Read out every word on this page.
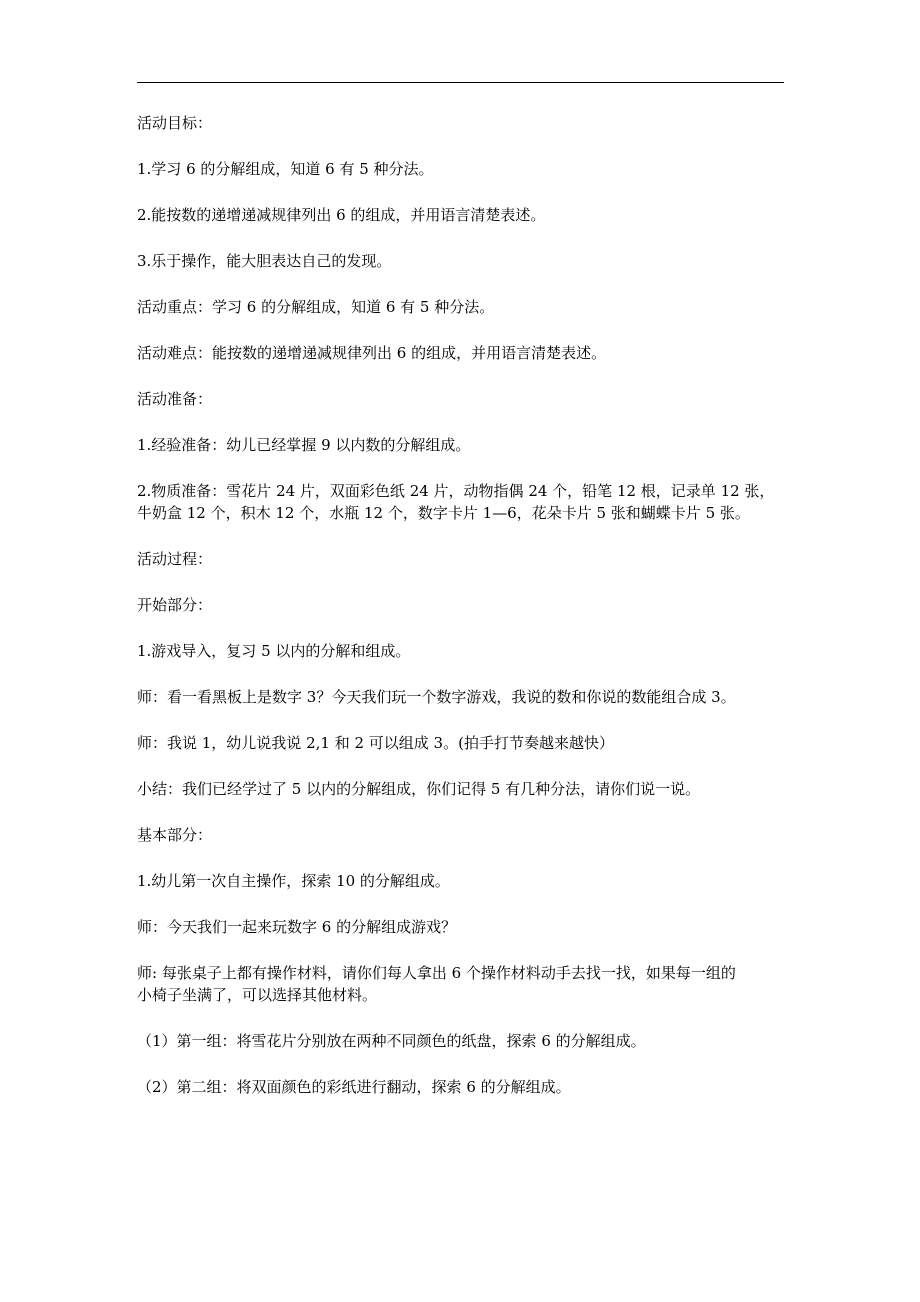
活动目标：

1.学习 6 的分解组成，知道 6 有 5 种分法。

2.能按数的递增递减规律列出 6 的组成，并用语言清楚表述。

3.乐于操作，能大胆表达自己的发现。

活动重点：学习 6 的分解组成，知道 6 有 5 种分法。

活动难点：能按数的递增递减规律列出 6 的组成，并用语言清楚表述。

活动准备：

1.经验准备：幼儿已经掌握 9 以内数的分解组成。

2.物质准备：雪花片 24 片，双面彩色纸 24 片，动物指偶 24 个，铅笔 12 根，记录单 12 张，
牛奶盒 12 个，积木 12 个，水瓶 12 个，数字卡片 1—6，花朵卡片 5 张和蝴蝶卡片 5 张。

活动过程：

开始部分：

1.游戏导入，复习 5 以内的分解和组成。

师：看一看黑板上是数字 3？今天我们玩一个数字游戏，我说的数和你说的数能组合成 3。

师：我说 1，幼儿说我说 2,1 和 2 可以组成 3。(拍手打节奏越来越快）

小结：我们已经学过了 5 以内的分解组成，你们记得 5 有几种分法，请你们说一说。

基本部分：

1.幼儿第一次自主操作，探索 10 的分解组成。

师：今天我们一起来玩数字 6 的分解组成游戏？

师: 每张桌子上都有操作材料，请你们每人拿出 6 个操作材料动手去找一找，如果每一组的
小椅子坐满了，可以选择其他材料。

（1）第一组：将雪花片分别放在两种不同颜色的纸盘，探索 6 的分解组成。

（2）第二组：将双面颜色的彩纸进行翻动，探索 6 的分解组成。
